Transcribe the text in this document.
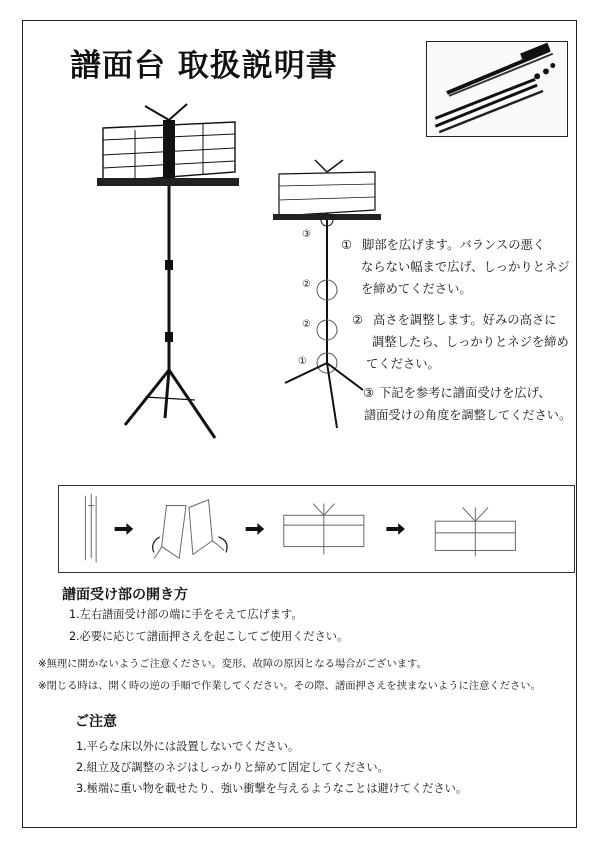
譜面台 取扱説明書
③
②
②
①
① 脚部を広げます。バランスの悪く
ならない幅まで広げ、しっかりとネジ
を締めてください。
② 高さを調整します。好みの高さに
調整したら、しっかりとネジを締め
てください。
③ 下記を参考に譜面受けを広げ、
譜面受けの角度を調整してください。
譜面受け部の開き方
1.左右譜面受け部の端に手をそえて広げます。
2.必要に応じて譜面押さえを起こしてご使用ください。
※無理に開かないようご注意ください。変形、故障の原因となる場合がございます。
※閉じる時は、開く時の逆の手順で作業してください。その際、譜面押さえを挟まないように注意ください。
ご注意
1.平らな床以外には設置しないでください。
2.組立及び調整のネジはしっかりと締めて固定してください。
3.極端に重い物を載せたり、強い衝撃を与えるようなことは避けてください。
